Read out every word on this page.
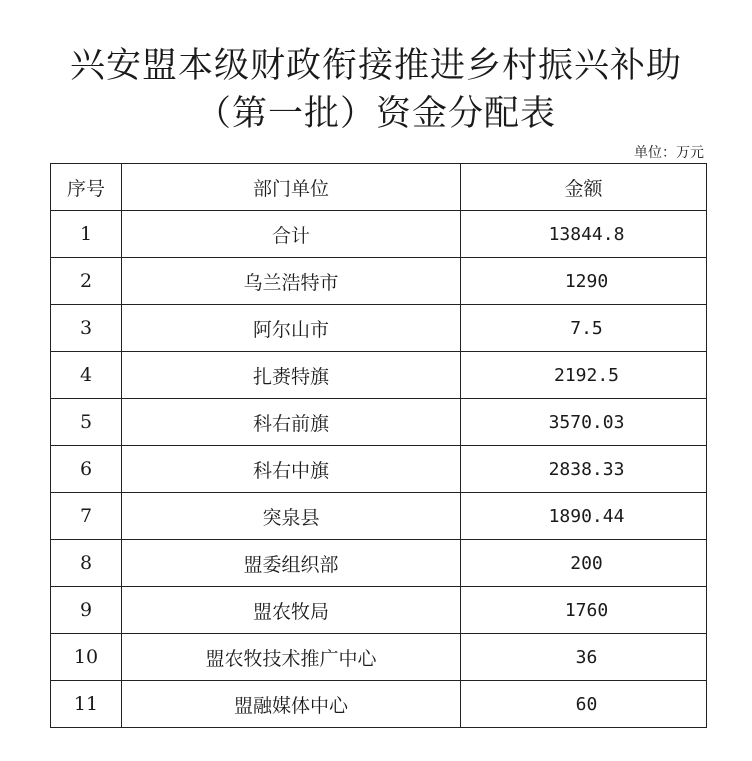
兴安盟本级财政衔接推进乡村振兴补助
（第一批）资金分配表
单位：万元
序号	部门单位	金额
1	合计	13844.8
2	乌兰浩特市	1290
3	阿尔山市	7.5
4	扎赉特旗	2192.5
5	科右前旗	3570.03
6	科右中旗	2838.33
7	突泉县	1890.44
8	盟委组织部	200
9	盟农牧局	1760
10	盟农牧技术推广中心	36
11	盟融媒体中心	60
